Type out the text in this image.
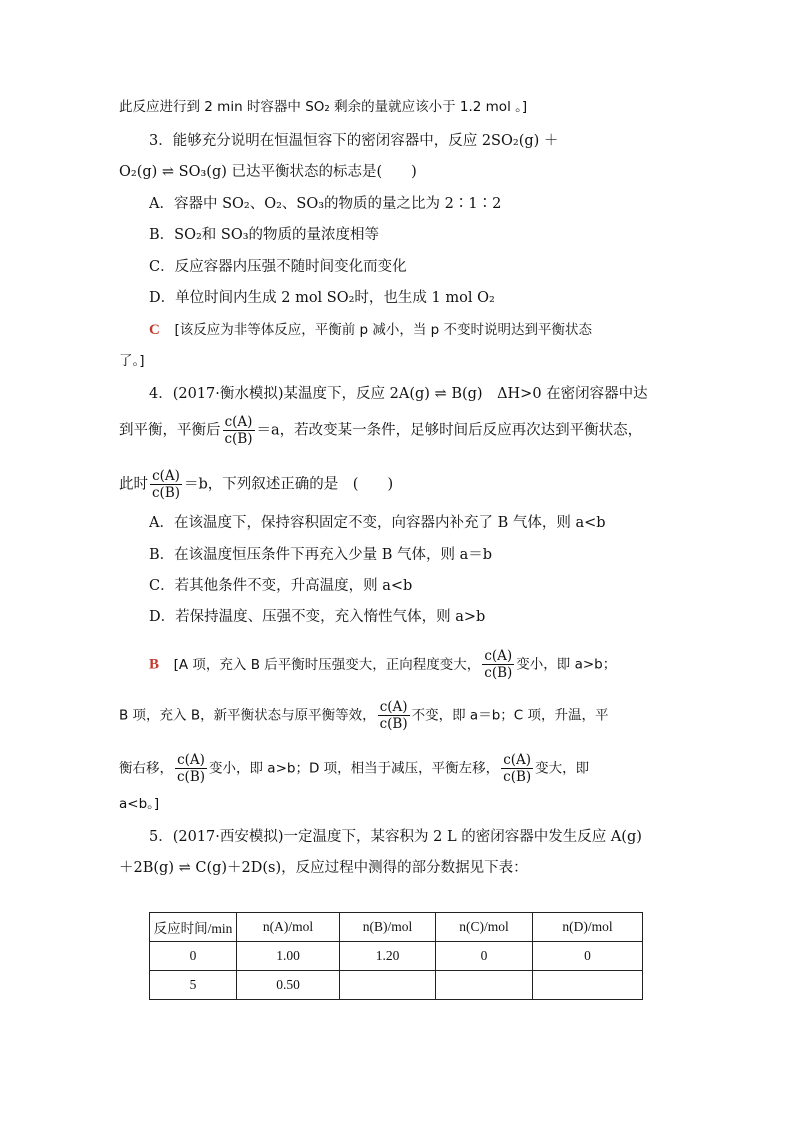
此反应进行到 2 min 时容器中 SO₂ 剩余的量就应该小于 1.2 mol 。]
3．能够充分说明在恒温恒容下的密闭容器中，反应 2SO₂(g) ＋
O₂(g) ⇌ SO₃(g) 已达平衡状态的标志是(　　)
A．容器中 SO₂、O₂、SO₃的物质的量之比为 2∶1∶2
B．SO₂和 SO₃的物质的量浓度相等
C．反应容器内压强不随时间变化而变化
D．单位时间内生成 2 mol SO₂时，也生成 1 mol O₂
C [该反应为非等体反应，平衡前 p 减小，当 p 不变时说明达到平衡状态
了。]
4．(2017·衡水模拟)某温度下，反应 2A(g) ⇌ B(g)　ΔH>0 在密闭容器中达
到平衡，平衡后 $\frac{c(A)}{c(B)} =a$，若改变某一条件，足够时间后反应再次达到平衡状态，
此时 $\frac{c(A)}{c(B)} =b$，下列叙述正确的是　(　　)
A．在该温度下，保持容积固定不变，向容器内补充了 B 气体，则 a<b
B．在该温度恒压条件下再充入少量 B 气体，则 a＝b
C．若其他条件不变，升高温度，则 a<b
D．若保持温度、压强不变，充入惰性气体，则 a>b
B [A 项，充入 B 后平衡时压强变大，正向程度变大， $\frac{c(A)}{c(B)}$ 变小，即 a>b；
B 项，充入 B，新平衡状态与原平衡等效， $\frac{c(A)}{c(B)}$ 不变，即 a＝b；C 项，升温，平
衡右移， $\frac{c(A)}{c(B)}$ 变小，即 a>b；D 项，相当于减压，平衡左移， $\frac{c(A)}{c(B)}$ 变大，即
a<b。]
5．(2017·西安模拟)一定温度下，某容积为 2 L 的密闭容器中发生反应 A(g)
＋2B(g) ⇌ C(g)＋2D(s)，反应过程中测得的部分数据见下表：
反应时间/min	n(A)/mol	n(B)/mol	n(C)/mol	n(D)/mol
0	1.00	1.20	0	0
5	0.50			
